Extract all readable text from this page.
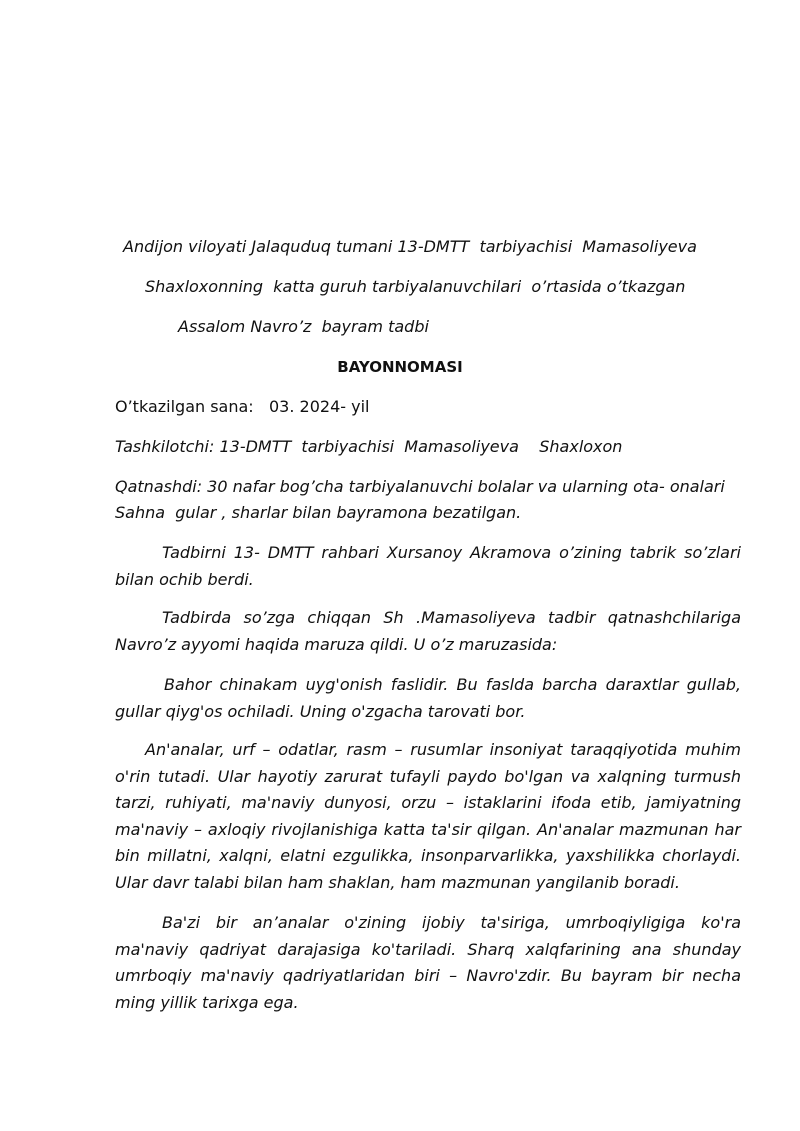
Andijon viloyati Jalaquduq tumani 13-DMTT  tarbiyachisi  Mamasoliyeva
Shaxloxonning  katta guruh tarbiyalanuvchilari  o’rtasida o’tkazgan
Assalom Navro’z  bayram tadbi
BAYONNOMASI
O’tkazilgan sana: 03. 2024- yil
Tashkilotchi: 13-DMTT  tarbiyachisi  Mamasoliyeva    Shaxloxon
Qatnashdi: 30 nafar bog’cha tarbiyalanuvchi bolalar va ularning ota- onalari
Sahna  gular , sharlar bilan bayramona bezatilgan.
Tadbirni 13- DMTT rahbari Xursanoy Akramova o’zining tabrik so’zlari bilan ochib berdi.
Tadbirda so’zga chiqqan Sh .Mamasoliyeva tadbir qatnashchilariga Navro’z ayyomi haqida maruza qildi. U o’z maruzasida:
Bahor chinakam uyg'onish faslidir. Bu faslda barcha daraxtlar gullab, gullar qiyg'os ochiladi. Uning o'zgacha tarovati bor.
An'analar, urf – odatlar, rasm – rusumlar insoniyat taraqqiyotida muhim o'rin tutadi. Ular hayotiy zarurat tufayli paydo bo'lgan va xalqning turmush tarzi, ruhiyati, ma'naviy dunyosi, orzu – istaklarini ifoda etib, jamiyatning ma'naviy – axloqiy rivojlanishiga katta ta'sir qilgan. An'analar mazmunan har bin millatni, xalqni, elatni ezgulikka, insonparvarlikka, yaxshilikka chorlaydi. Ular davr talabi bilan ham shaklan, ham mazmunan yangilanib boradi.
Ba'zi bir an’analar o'zining ijobiy ta'siriga, umrboqiyligiga ko'ra ma'naviy qadriyat darajasiga ko'tariladi. Sharq xalqfarining ana shunday umrboqiy ma'naviy qadriyatlaridan biri – Navro'zdir. Bu bayram bir necha ming yillik tarixga ega.
